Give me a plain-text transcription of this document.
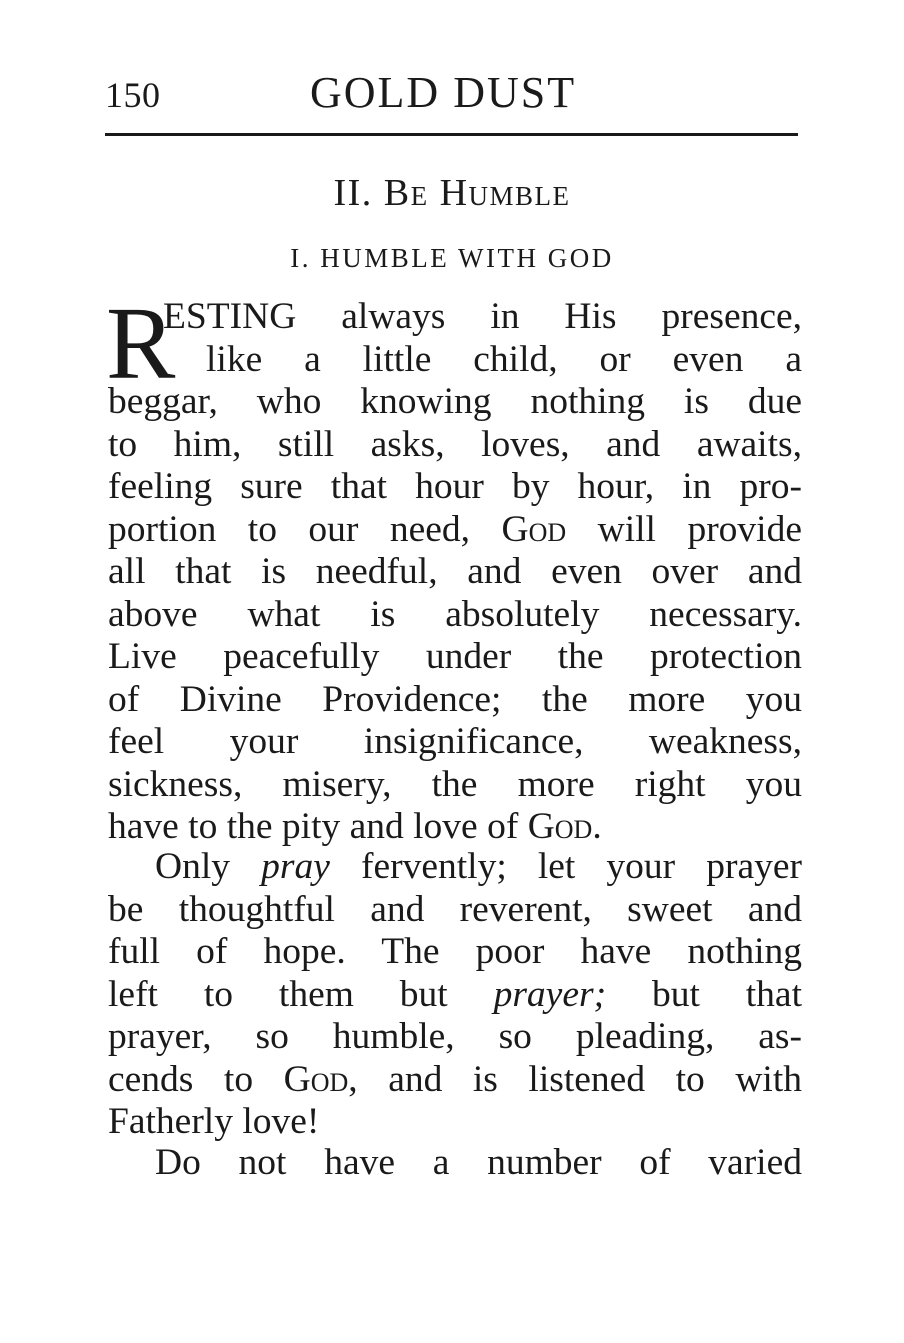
150	GOLD DUST
II. Be Humble
I. HUMBLE WITH GOD
R
ESTING always in His presence,
like a little child, or even a
beggar, who knowing nothing is due
to him, still asks, loves, and awaits,
feeling sure that hour by hour, in pro-
portion to our need, God will provide
all that is needful, and even over and
above what is absolutely necessary.
Live peacefully under the protection
of Divine Providence; the more you
feel your insignificance, weakness,
sickness, misery, the more right you
have to the pity and love of God.
Only pray fervently; let your prayer
be thoughtful and reverent, sweet and
full of hope. The poor have nothing
left to them but prayer; but that
prayer, so humble, so pleading, as-
cends to God, and is listened to with
Fatherly love!
Do not have a number of varied
